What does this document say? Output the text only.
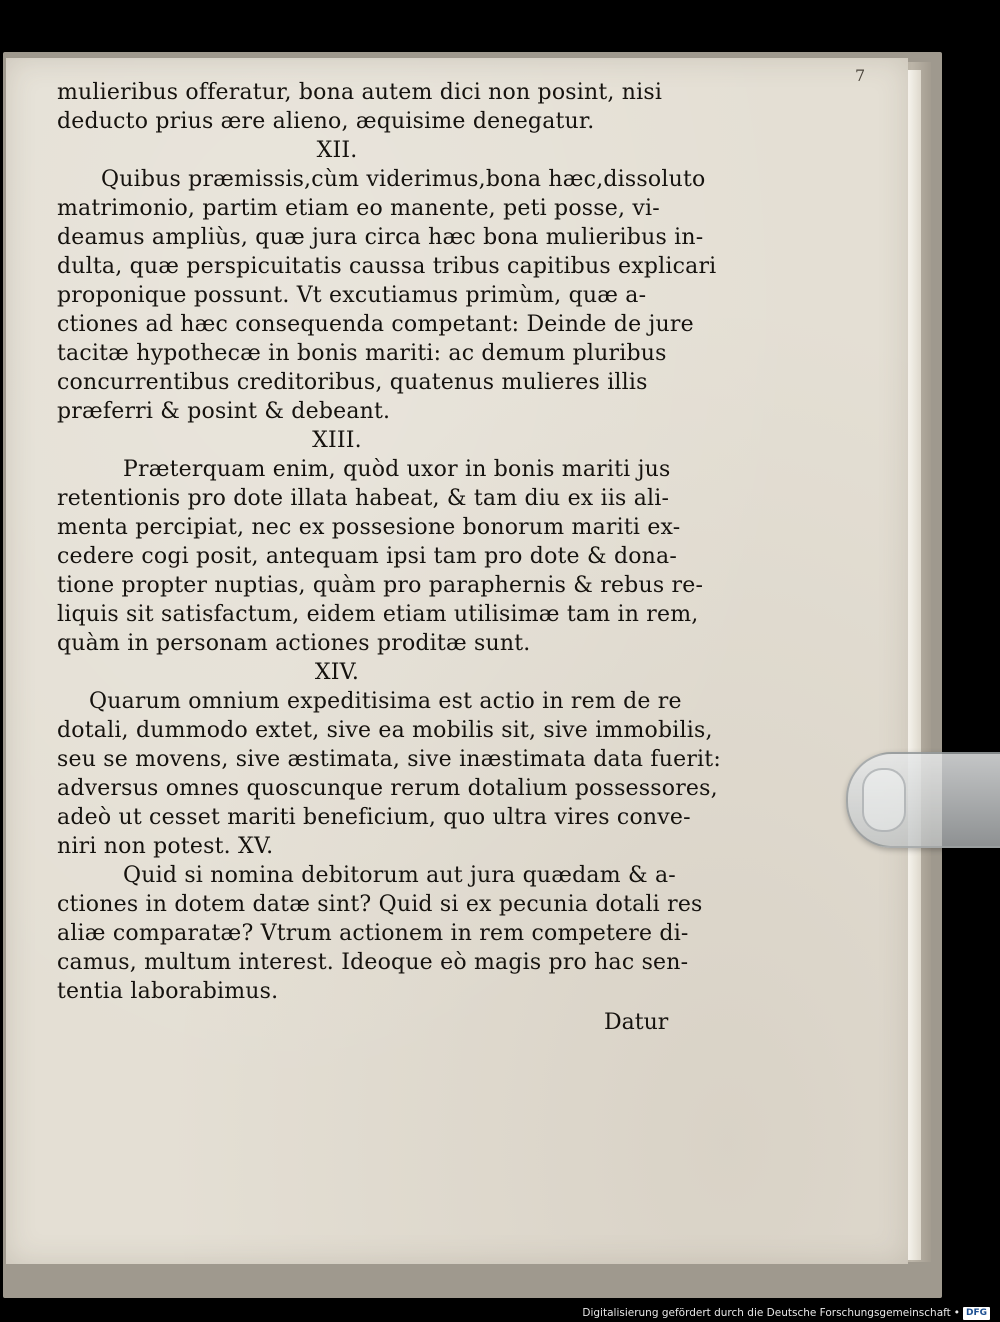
7
mulieribus offeratur, bona autem dici non posint, nisi
deducto prius ære alieno, æquisime denegatur.
XII.
Quibus præmissis,cùm viderimus,bona hæc,dissoluto
matrimonio, partim etiam eo manente, peti posse, vi-
deamus ampliùs, quæ jura circa hæc bona mulieribus in-
dulta, quæ perspicuitatis caussa tribus capitibus explicari
proponique possunt. Vt excutiamus primùm, quæ a-
ctiones ad hæc consequenda competant: Deinde de jure
tacitæ hypothecæ in bonis mariti: ac demum pluribus
concurrentibus creditoribus, quatenus mulieres illis
præferri & posint & debeant.
XIII.
Præterquam enim, quòd uxor in bonis mariti jus
retentionis pro dote illata habeat, & tam diu ex iis ali-
menta percipiat, nec ex possesione bonorum mariti ex-
cedere cogi posit, antequam ipsi tam pro dote & dona-
tione propter nuptias, quàm pro paraphernis & rebus re-
liquis sit satisfactum, eidem etiam utilisimæ tam in rem,
quàm in personam actiones proditæ sunt.
XIV.
Quarum omnium expeditisima est actio in rem de re
dotali, dummodo extet, sive ea mobilis sit, sive immobilis,
seu se movens, sive æstimata, sive inæstimata data fuerit:
adversus omnes quoscunque rerum dotalium possessores,
adeò ut cesset mariti beneficium, quo ultra vires conve-
niri non potest. XV.
Quid si nomina debitorum aut jura quædam & a-
ctiones in dotem datæ sint? Quid si ex pecunia dotali res
aliæ comparatæ? Vtrum actionem in rem competere di-
camus, multum interest. Ideoque eò magis pro hac sen-
tentia laborabimus.
Datur
Digitalisierung gefördert durch die Deutsche Forschungsgemeinschaft • DFG
